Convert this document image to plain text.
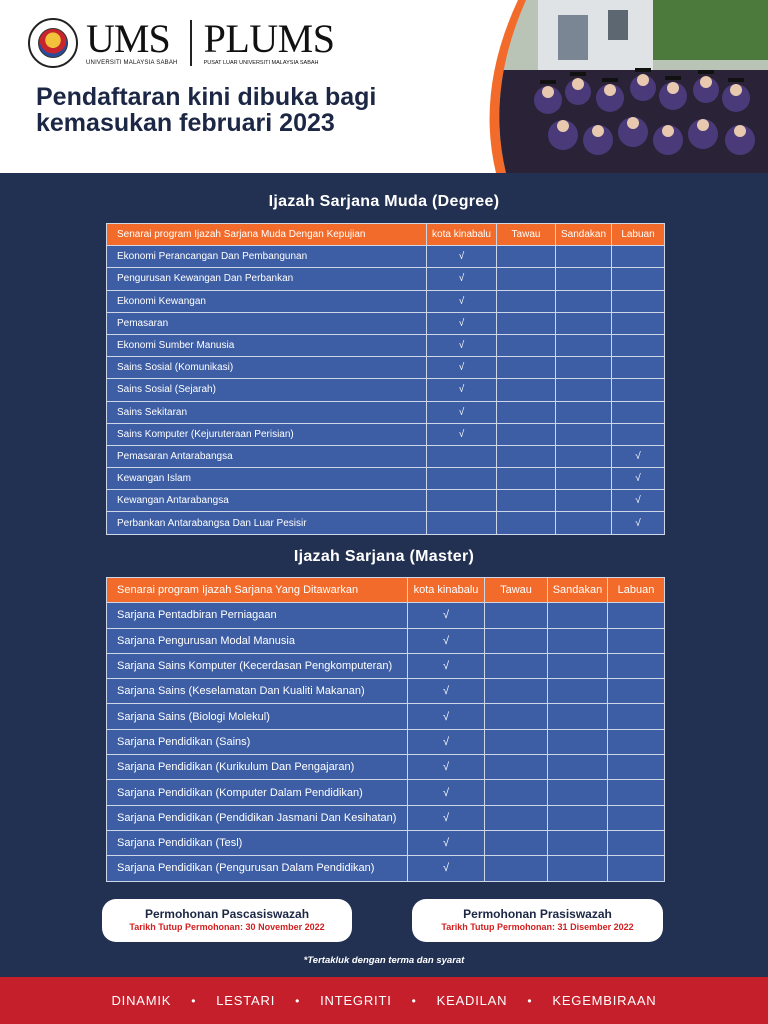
UMS
UNIVERSITI MALAYSIA SABAH
PLUMS
PUSAT LUAR UNIVERSITI MALAYSIA SABAH
Pendaftaran kini dibuka bagi kemasukan februari 2023
Ijazah Sarjana Muda (Degree)
Senarai program Ijazah Sarjana Muda Dengan Kepujian	kota kinabalu	Tawau	Sandakan	Labuan
Ekonomi Perancangan Dan Pembangunan	√			
Pengurusan Kewangan Dan Perbankan	√			
Ekonomi Kewangan	√			
Pemasaran	√			
Ekonomi Sumber Manusia	√			
Sains Sosial (Komunikasi)	√			
Sains Sosial (Sejarah)	√			
Sains Sekitaran	√			
Sains Komputer (Kejuruteraan Perisian)	√			
Pemasaran Antarabangsa				√
Kewangan Islam				√
Kewangan Antarabangsa				√
Perbankan Antarabangsa Dan Luar Pesisir				√
Ijazah Sarjana (Master)
Senarai program Ijazah Sarjana Yang Ditawarkan	kota kinabalu	Tawau	Sandakan	Labuan
Sarjana Pentadbiran Perniagaan	√			
Sarjana Pengurusan Modal Manusia	√			
Sarjana Sains Komputer (Kecerdasan Pengkomputeran)	√			
Sarjana Sains (Keselamatan Dan Kualiti Makanan)	√			
Sarjana Sains (Biologi Molekul)	√			
Sarjana Pendidikan (Sains)	√			
Sarjana Pendidikan (Kurikulum Dan Pengajaran)	√			
Sarjana Pendidikan (Komputer Dalam Pendidikan)	√			
Sarjana Pendidikan (Pendidikan Jasmani Dan Kesihatan)	√			
Sarjana Pendidikan (Tesl)	√			
Sarjana Pendidikan (Pengurusan Dalam Pendidikan)	√			
Permohonan Pascasiswazah
Tarikh Tutup Permohonan: 30 November 2022
Permohonan Prasiswazah
Tarikh Tutup Permohonan: 31 Disember 2022
*Tertakluk dengan terma dan syarat
DINAMIK • LESTARI • INTEGRITI • KEADILAN • KEGEMBIRAAN
